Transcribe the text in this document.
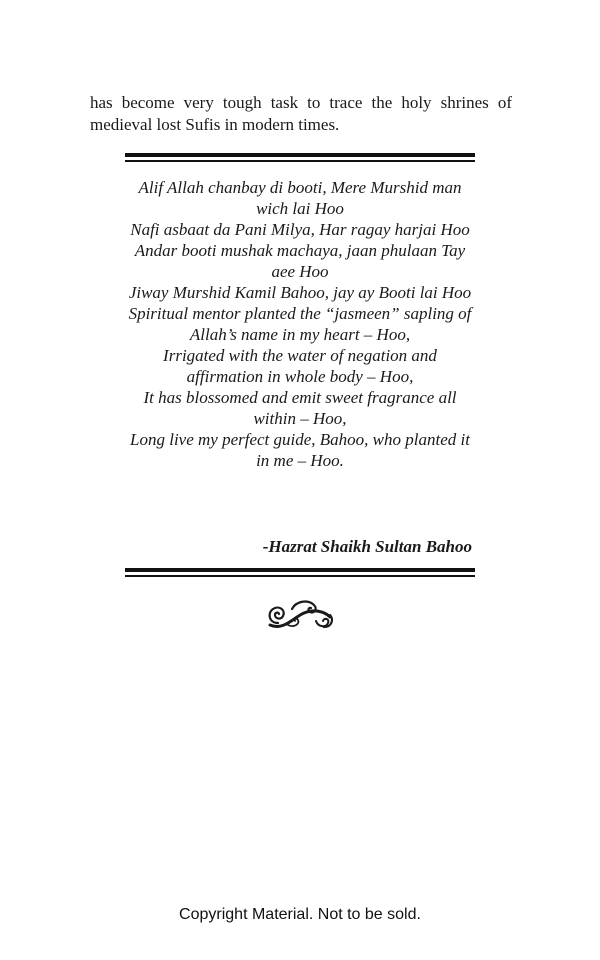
has become very tough task to trace the holy shrines of medieval lost Sufis in modern times.

Alif Allah chanbay di booti, Mere Murshid man wich lai Hoo
Nafi asbaat da Pani Milya, Har ragay harjai Hoo
Andar booti mushak machaya, jaan phulaan Tay aee Hoo
Jiway Murshid Kamil Bahoo, jay ay Booti lai Hoo
Spiritual mentor planted the “jasmeen” sapling of Allah’s name in my heart – Hoo,
Irrigated with the water of negation and affirmation in whole body – Hoo,
It has blossomed and emit sweet fragrance all within – Hoo,
Long live my perfect guide, Bahoo, who planted it in me – Hoo.

-Hazrat Shaikh Sultan Bahoo

Copyright Material. Not to be sold.
